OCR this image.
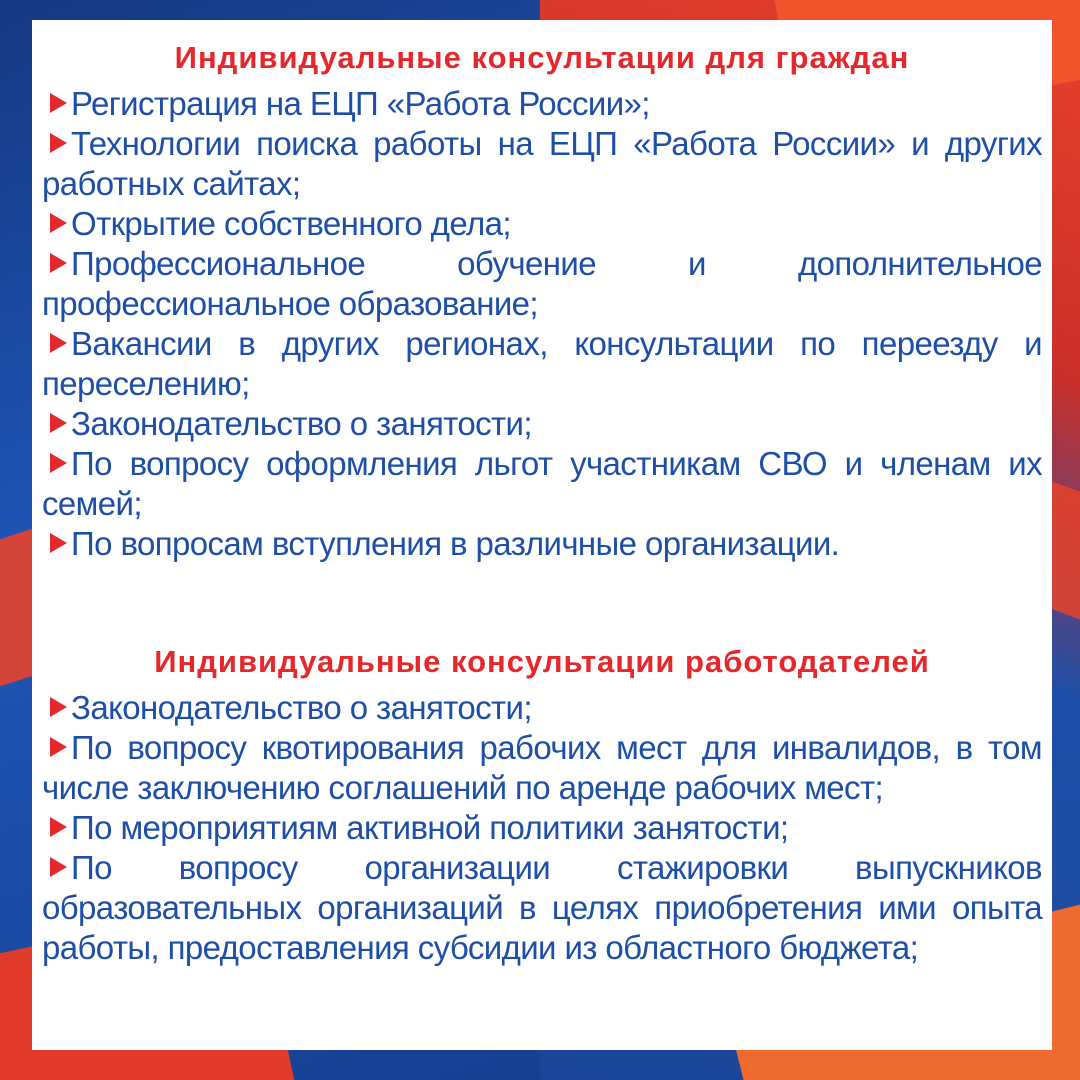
Индивидуальные консультации для граждан
Регистрация на ЕЦП «Работа России»;
Технологии поиска работы на ЕЦП «Работа России» и других работных сайтах;
Открытие собственного дела;
Профессиональное обучение и дополнительное профессиональное образование;
Вакансии в других регионах, консультации по переезду и переселению;
Законодательство о занятости;
По вопросу оформления льгот участникам СВО и членам их семей;
По вопросам вступления в различные организации.
Индивидуальные консультации работодателей
Законодательство о занятости;
По вопросу квотирования рабочих мест для инвалидов, в том числе заключению соглашений по аренде рабочих мест;
По мероприятиям активной политики занятости;
По вопросу организации стажировки выпускников образовательных организаций в целях приобретения ими опыта работы, предоставления субсидии из областного бюджета;
